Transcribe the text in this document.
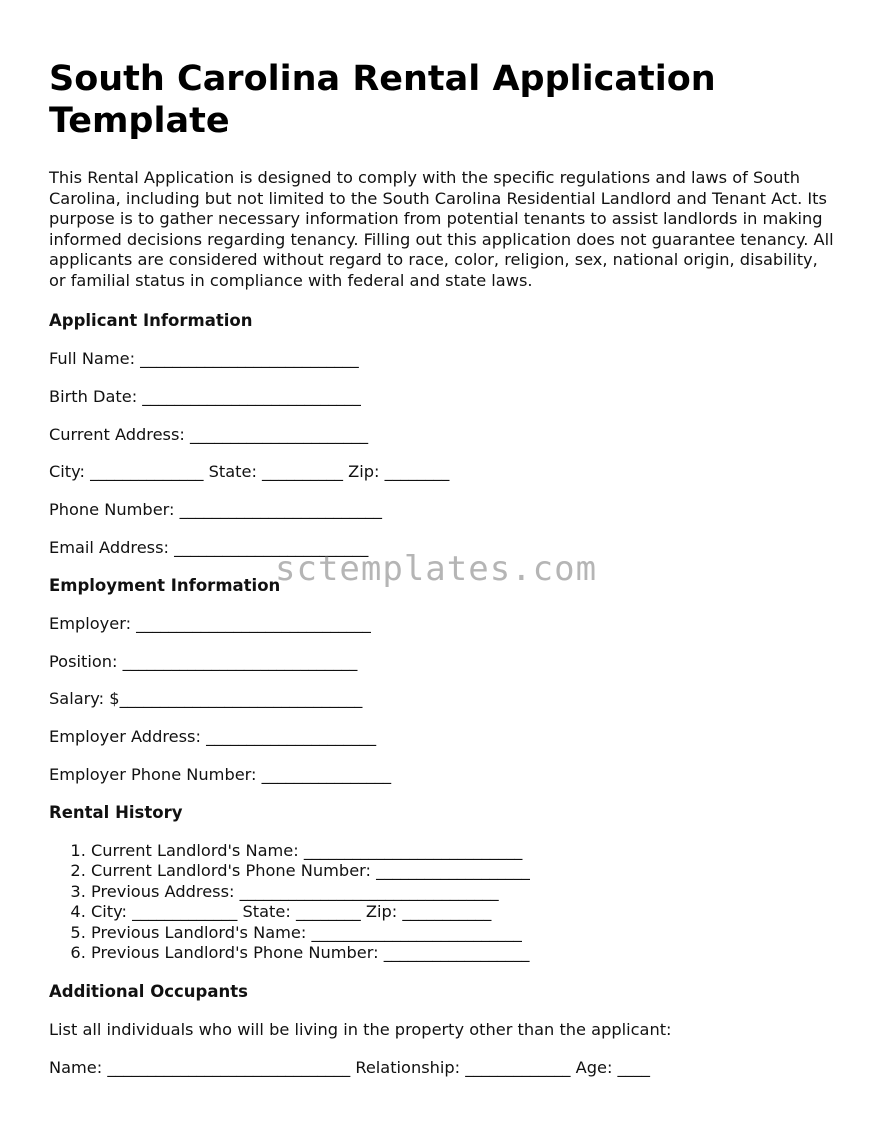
South Carolina Rental Application Template

This Rental Application is designed to comply with the specific regulations and laws of South Carolina, including but not limited to the South Carolina Residential Landlord and Tenant Act. Its purpose is to gather necessary information from potential tenants to assist landlords in making informed decisions regarding tenancy. Filling out this application does not guarantee tenancy. All applicants are considered without regard to race, color, religion, sex, national origin, disability, or familial status in compliance with federal and state laws.

Applicant Information
Full Name: ___________________________
Birth Date: ___________________________
Current Address: ______________________
City: ______________ State: __________ Zip: ________
Phone Number: _________________________
Email Address: ________________________
Employment Information
Employer: _____________________________
Position: _____________________________
Salary: $______________________________
Employer Address: _____________________
Employer Phone Number: ________________
Rental History
1. Current Landlord's Name: ___________________________
2. Current Landlord's Phone Number: ___________________
3. Previous Address: ________________________________
4. City: _____________ State: ________ Zip: ___________
5. Previous Landlord's Name: __________________________
6. Previous Landlord's Phone Number: __________________
Additional Occupants
List all individuals who will be living in the property other than the applicant:
Name: ______________________________ Relationship: _____________ Age: ____
sctemplates.com
